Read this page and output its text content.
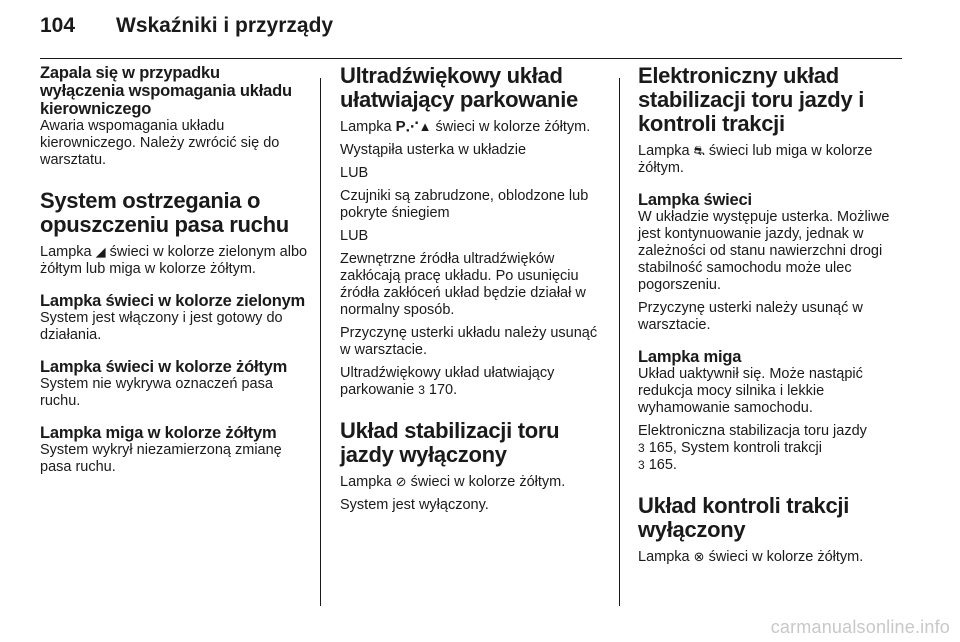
104	Wskaźniki i przyrządy
Zapala się w przypadku wyłączenia wspomagania układu kierowniczego
Awaria wspomagania układu kierowniczego. Należy zwrócić się do warsztatu.
System ostrzegania o opuszczeniu pasa ruchu
Lampka ◢ świeci w kolorze zielonym albo żółtym lub miga w kolorze żółtym.
Lampka świeci w kolorze zielonym
System jest włączony i jest gotowy do działania.
Lampka świeci w kolorze żółtym
System nie wykrywa oznaczeń pasa ruchu.
Lampka miga w kolorze żółtym
System wykrył niezamierzoną zmianę pasa ruchu.
Ultradźwiękowy układ ułatwiający parkowanie
Lampka P⋰▲ świeci w kolorze żółtym.
Wystąpiła usterka w układzie
LUB
Czujniki są zabrudzone, oblodzone lub pokryte śniegiem
LUB
Zewnętrzne źródła ultradźwięków zakłócają pracę układu. Po usunięciu źródła zakłóceń układ będzie działał w normalny sposób.
Przyczynę usterki układu należy usunąć w warsztacie.
Ultradźwiękowy układ ułatwiający parkowanie 3 170.
Układ stabilizacji toru jazdy wyłączony
Lampka ⊘ świeci w kolorze żółtym.
System jest wyłączony.
Elektroniczny układ stabilizacji toru jazdy i kontroli trakcji
Lampka ⛐ świeci lub miga w kolorze żółtym.
Lampka świeci
W układzie występuje usterka. Możliwe jest kontynuowanie jazdy, jednak w zależności od stanu nawierzchni drogi stabilność samochodu może ulec pogorszeniu.
Przyczynę usterki należy usunąć w warsztacie.
Lampka miga
Układ uaktywnił się. Może nastąpić redukcja mocy silnika i lekkie wyhamowanie samochodu.
Elektroniczna stabilizacja toru jazdy
3 165, System kontroli trakcji
3 165.
Układ kontroli trakcji wyłączony
Lampka ⊗ świeci w kolorze żółtym.
carmanualsonline.info
